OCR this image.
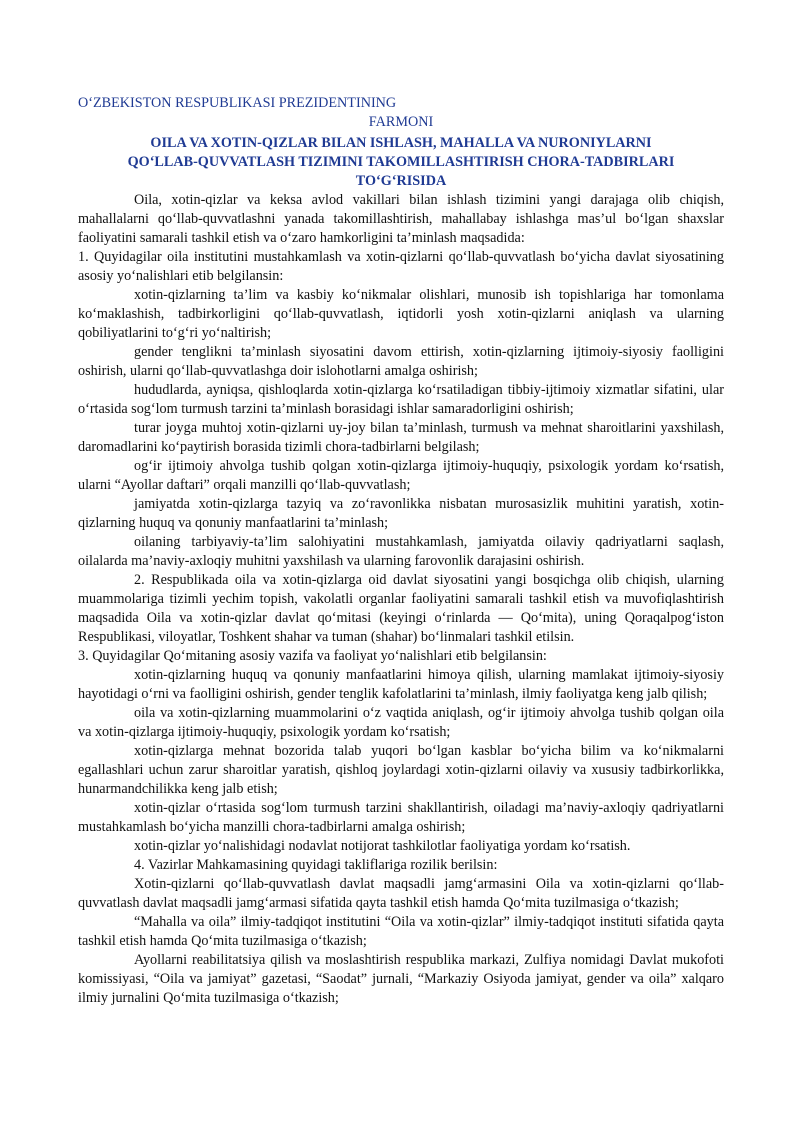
O‘ZBEKISTON RESPUBLIKASI PREZIDENTINING

FARMONI

OILA VA XOTIN-QIZLAR BILAN ISHLASH, MAHALLA VA NURONIYLARNI
QO‘LLAB-QUVVATLASH TIZIMINI TAKOMILLASHTIRISH CHORA-TADBIRLARI
TO‘G‘RISIDA

Oila, xotin-qizlar va keksa avlod vakillari bilan ishlash tizimini yangi darajaga olib chiqish, mahallalarni qo‘llab-quvvatlashni yanada takomillashtirish, mahallabay ishlashga mas’ul bo‘lgan shaxslar faoliyatini samarali tashkil etish va o‘zaro hamkorligini ta’minlash maqsadida:

1. Quyidagilar oila institutini mustahkamlash va xotin-qizlarni qo‘llab-quvvatlash bo‘yicha davlat siyosatining asosiy yo‘nalishlari etib belgilansin:

xotin-qizlarning ta’lim va kasbiy ko‘nikmalar olishlari, munosib ish topishlariga har tomonlama ko‘maklashish, tadbirkorligini qo‘llab-quvvatlash, iqtidorli yosh xotin-qizlarni aniqlash va ularning qobiliyatlarini to‘g‘ri yo‘naltirish;

gender tenglikni ta’minlash siyosatini davom ettirish, xotin-qizlarning ijtimoiy-siyosiy faolligini oshirish, ularni qo‘llab-quvvatlashga doir islohotlarni amalga oshirish;

hududlarda, ayniqsa, qishloqlarda xotin-qizlarga ko‘rsatiladigan tibbiy-ijtimoiy xizmatlar sifatini, ular o‘rtasida sog‘lom turmush tarzini ta’minlash borasidagi ishlar samaradorligini oshirish;

turar joyga muhtoj xotin-qizlarni uy-joy bilan ta’minlash, turmush va mehnat sharoitlarini yaxshilash, daromadlarini ko‘paytirish borasida tizimli chora-tadbirlarni belgilash;

og‘ir ijtimoiy ahvolga tushib qolgan xotin-qizlarga ijtimoiy-huquqiy, psixologik yordam ko‘rsatish, ularni “Ayollar daftari” orqali manzilli qo‘llab-quvvatlash;

jamiyatda xotin-qizlarga tazyiq va zo‘ravonlikka nisbatan murosasizlik muhitini yaratish, xotin-qizlarning huquq va qonuniy manfaatlarini ta’minlash;

oilaning tarbiyaviy-ta’lim salohiyatini mustahkamlash, jamiyatda oilaviy qadriyatlarni saqlash, oilalarda ma’naviy-axloqiy muhitni yaxshilash va ularning farovonlik darajasini oshirish.

2. Respublikada oila va xotin-qizlarga oid davlat siyosatini yangi bosqichga olib chiqish, ularning muammolariga tizimli yechim topish, vakolatli organlar faoliyatini samarali tashkil etish va muvofiqlashtirish maqsadida Oila va xotin-qizlar davlat qo‘mitasi (keyingi o‘rinlarda — Qo‘mita), uning Qoraqalpog‘iston Respublikasi, viloyatlar, Toshkent shahar va tuman (shahar) bo‘linmalari tashkil etilsin.

3. Quyidagilar Qo‘mitaning asosiy vazifa va faoliyat yo‘nalishlari etib belgilansin:

xotin-qizlarning huquq va qonuniy manfaatlarini himoya qilish, ularning mamlakat ijtimoiy-siyosiy hayotidagi o‘rni va faolligini oshirish, gender tenglik kafolatlarini ta’minlash, ilmiy faoliyatga keng jalb qilish;

oila va xotin-qizlarning muammolarini o‘z vaqtida aniqlash, og‘ir ijtimoiy ahvolga tushib qolgan oila va xotin-qizlarga ijtimoiy-huquqiy, psixologik yordam ko‘rsatish;

xotin-qizlarga mehnat bozorida talab yuqori bo‘lgan kasblar bo‘yicha bilim va ko‘nikmalarni egallashlari uchun zarur sharoitlar yaratish, qishloq joylardagi xotin-qizlarni oilaviy va xususiy tadbirkorlikka, hunarmandchilikka keng jalb etish;

xotin-qizlar o‘rtasida sog‘lom turmush tarzini shakllantirish, oiladagi ma’naviy-axloqiy qadriyatlarni mustahkamlash bo‘yicha manzilli chora-tadbirlarni amalga oshirish;

xotin-qizlar yo‘nalishidagi nodavlat notijorat tashkilotlar faoliyatiga yordam ko‘rsatish.

4. Vazirlar Mahkamasining quyidagi takliflariga rozilik berilsin:

Xotin-qizlarni qo‘llab-quvvatlash davlat maqsadli jamg‘armasini Oila va xotin-qizlarni qo‘llab-quvvatlash davlat maqsadli jamg‘armasi sifatida qayta tashkil etish hamda Qo‘mita tuzilmasiga o‘tkazish;

“Mahalla va oila” ilmiy-tadqiqot institutini “Oila va xotin-qizlar” ilmiy-tadqiqot instituti sifatida qayta tashkil etish hamda Qo‘mita tuzilmasiga o‘tkazish;

Ayollarni reabilitatsiya qilish va moslashtirish respublika markazi, Zulfiya nomidagi Davlat mukofoti komissiyasi, “Oila va jamiyat” gazetasi, “Saodat” jurnali, “Markaziy Osiyoda jamiyat, gender va oila” xalqaro ilmiy jurnalini Qo‘mita tuzilmasiga o‘tkazish;
